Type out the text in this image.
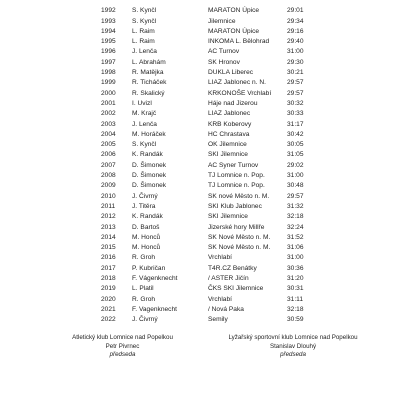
1992 S. Kynčl	MARATON Úpice	29:01
1993 S. Kynčl	Jilemnice	29:34
1994 L. Raim	MARATON Úpice	29:16
1995 L. Raim	INKOMA L. Bělohrad	29:40
1996 J. Lenča	AC Turnov	31:00
1997 L. Abrahám	SK Hronov	29:30
1998 R. Matějka	DUKLA Liberec	30:21
1999 R. Ticháček	LIAZ Jablonec n. N.	29:57
2000 R. Skalický	KRKONOŠE Vrchlabí 29:57
2001 I. Uvizl	Háje nad Jizerou	30:32
2002 M. Krajč	LIAZ Jablonec	30:33
2003 J. Lenča	KRB Koberovy	31:17
2004 M. Horáček	HC Chrastava	30:42
2005 S. Kynčl	OK Jilemnice	30:05
2006 K. Randák	SKI Jilemnice	31:05
2007 D. Šimonek	AC Syner Turnov	29:02
2008 D. Šimonek	TJ Lomnice n. Pop.	31:00
2009 D. Šimonek	TJ Lomnice n. Pop.	30:48
2010 J. Čivrný	SK nové Město n. M.	29:57
2011	J. Titěra	SKI Klub Jablonec	31:32
2012 K. Randák	SKI Jilemnice	32:18
2013 D. Bartoš	Jizerské hory Millře	32:24
2014 M. Honců	SK Nové Město n. M.	31:52
2015 M. Honců	SK Nové Město n. M.	31:06
2016 R. Groh	Vrchlabí	31:00
2017 P. Kubričan	T4R.CZ Benátky	30:36
2018 F. Vágenknecht	/ ASTER Jičín	31:20
2019 L. Platil	ČKS SKI Jilemnice	30:31
2020 R. Groh	Vrchlabí	31:11
2021 F. Vagenknecht	/ Nová Paka	32:18
2022 J. Čivrný	Semily	30:59
Atletický klub Lomnice nad Popelkou
Petr Pivrnec
předseda
Lyžařský sportovní klub Lomnice nad Popelkou
Stanislav Dlouhý
předseda
